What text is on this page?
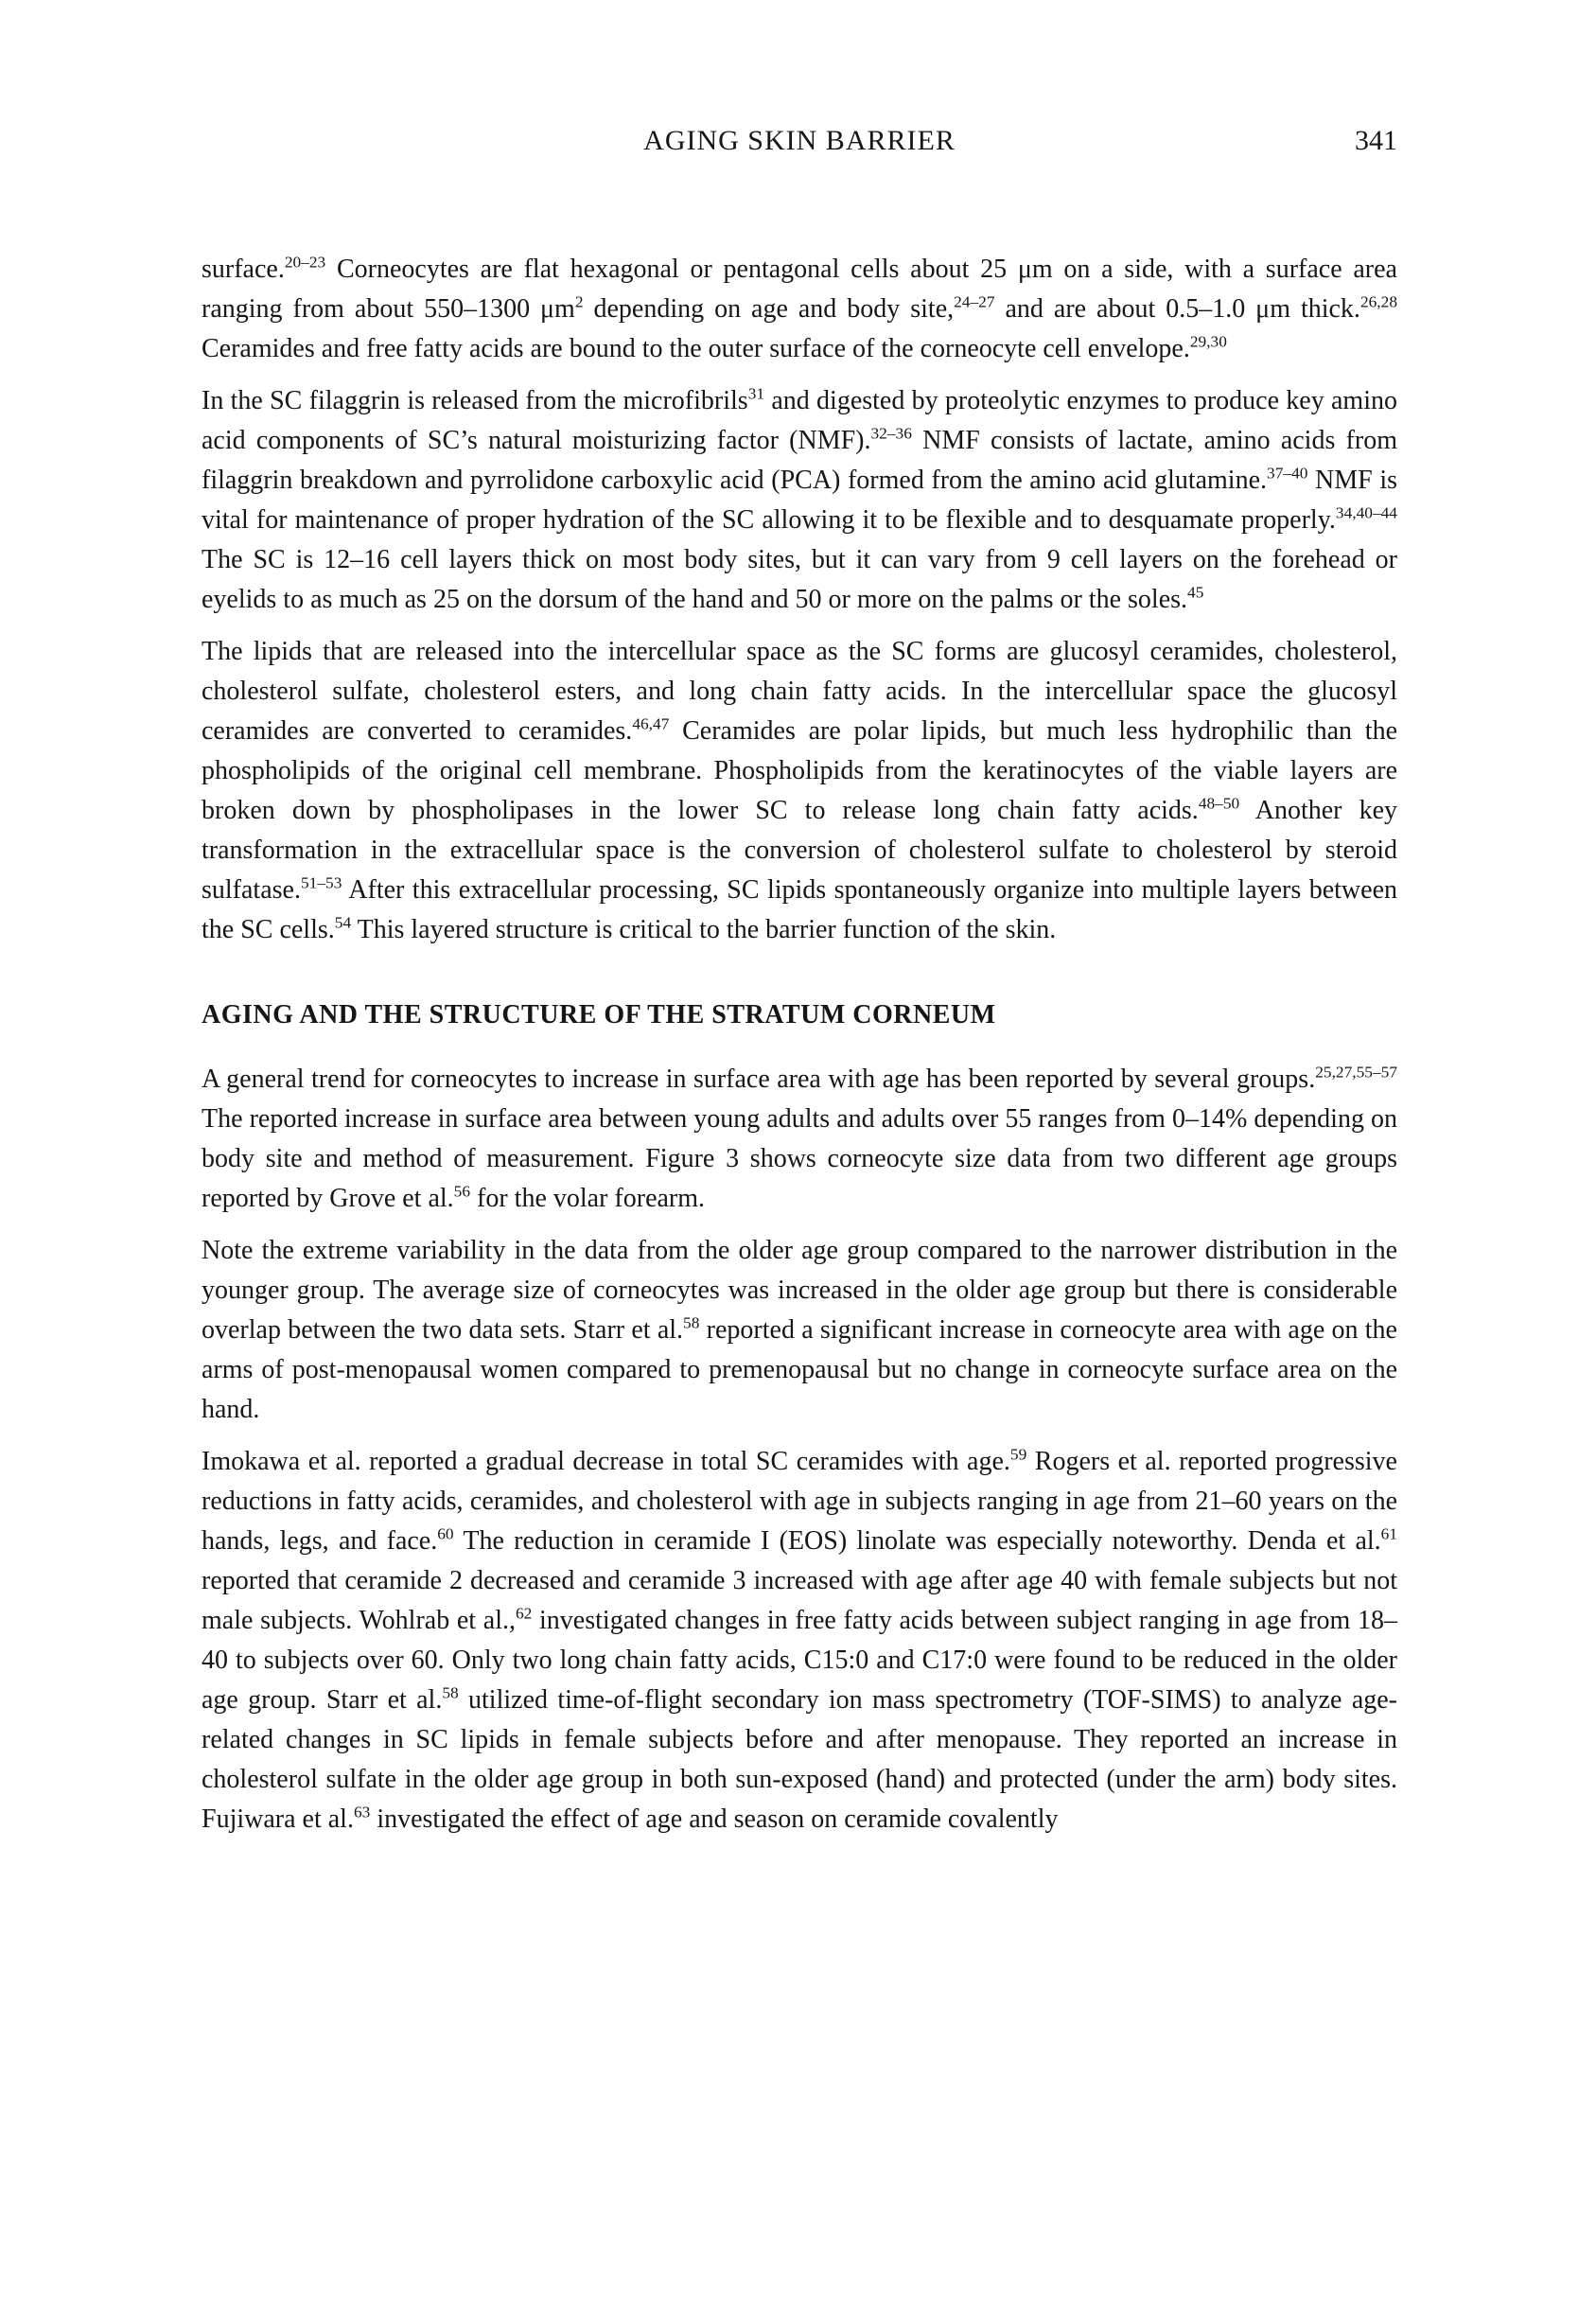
AGING SKIN BARRIER	341

surface.$^{20-23}$ Corneocytes are flat hexagonal or pentagonal cells about 25 μm on a side, with a surface area ranging from about 550–1300 $\mu m^2$ depending on age and body site,$^{24-27}$ and are about 0.5–1.0 μm thick.$^{26,28}$ Ceramides and free fatty acids are bound to the outer surface of the corneocyte cell envelope.$^{29,30}$

In the SC filaggrin is released from the microfibrils$^{31}$ and digested by proteolytic enzymes to produce key amino acid components of SC’s natural moisturizing factor (NMF).$^{32-36}$ NMF consists of lactate, amino acids from filaggrin breakdown and pyrrolidone carboxylic acid (PCA) formed from the amino acid glutamine.$^{37-40}$ NMF is vital for maintenance of proper hydration of the SC allowing it to be flexible and to desquamate properly.$^{34,40-44}$ The SC is 12–16 cell layers thick on most body sites, but it can vary from 9 cell layers on the forehead or eyelids to as much as 25 on the dorsum of the hand and 50 or more on the palms or the soles.$^{45}$

The lipids that are released into the intercellular space as the SC forms are glucosyl ceramides, cholesterol, cholesterol sulfate, cholesterol esters, and long chain fatty acids. In the intercellular space the glucosyl ceramides are converted to ceramides.$^{46,47}$ Ceramides are polar lipids, but much less hydrophilic than the phospholipids of the original cell membrane. Phospholipids from the keratinocytes of the viable layers are broken down by phospholipases in the lower SC to release long chain fatty acids.$^{48-50}$ Another key transformation in the extracellular space is the conversion of cholesterol sulfate to cholesterol by steroid sulfatase.$^{51-53}$ After this extracellular processing, SC lipids spontaneously organize into multiple layers between the SC cells.$^{54}$ This layered structure is critical to the barrier function of the skin.

AGING AND THE STRUCTURE OF THE STRATUM CORNEUM

A general trend for corneocytes to increase in surface area with age has been reported by several groups.$^{25,27,55-57}$ The reported increase in surface area between young adults and adults over 55 ranges from 0–14% depending on body site and method of measurement. Figure 3 shows corneocyte size data from two different age groups reported by Grove et al.$^{56}$ for the volar forearm.

Note the extreme variability in the data from the older age group compared to the narrower distribution in the younger group. The average size of corneocytes was increased in the older age group but there is considerable overlap between the two data sets. Starr et al.$^{58}$ reported a significant increase in corneocyte area with age on the arms of post-menopausal women compared to premenopausal but no change in corneocyte surface area on the hand.

Imokawa et al. reported a gradual decrease in total SC ceramides with age.$^{59}$ Rogers et al. reported progressive reductions in fatty acids, ceramides, and cholesterol with age in subjects ranging in age from 21–60 years on the hands, legs, and face.$^{60}$ The reduction in ceramide I (EOS) linolate was especially noteworthy. Denda et al.$^{61}$ reported that ceramide 2 decreased and ceramide 3 increased with age after age 40 with female subjects but not male subjects. Wohlrab et al.,$^{62}$ investigated changes in free fatty acids between subject ranging in age from 18–40 to subjects over 60. Only two long chain fatty acids, C15:0 and C17:0 were found to be reduced in the older age group. Starr et al.$^{58}$ utilized time-of-flight secondary ion mass spectrometry (TOF-SIMS) to analyze age-related changes in SC lipids in female subjects before and after menopause. They reported an increase in cholesterol sulfate in the older age group in both sun-exposed (hand) and protected (under the arm) body sites. Fujiwara et al.$^{63}$ investigated the effect of age and season on ceramide covalently
